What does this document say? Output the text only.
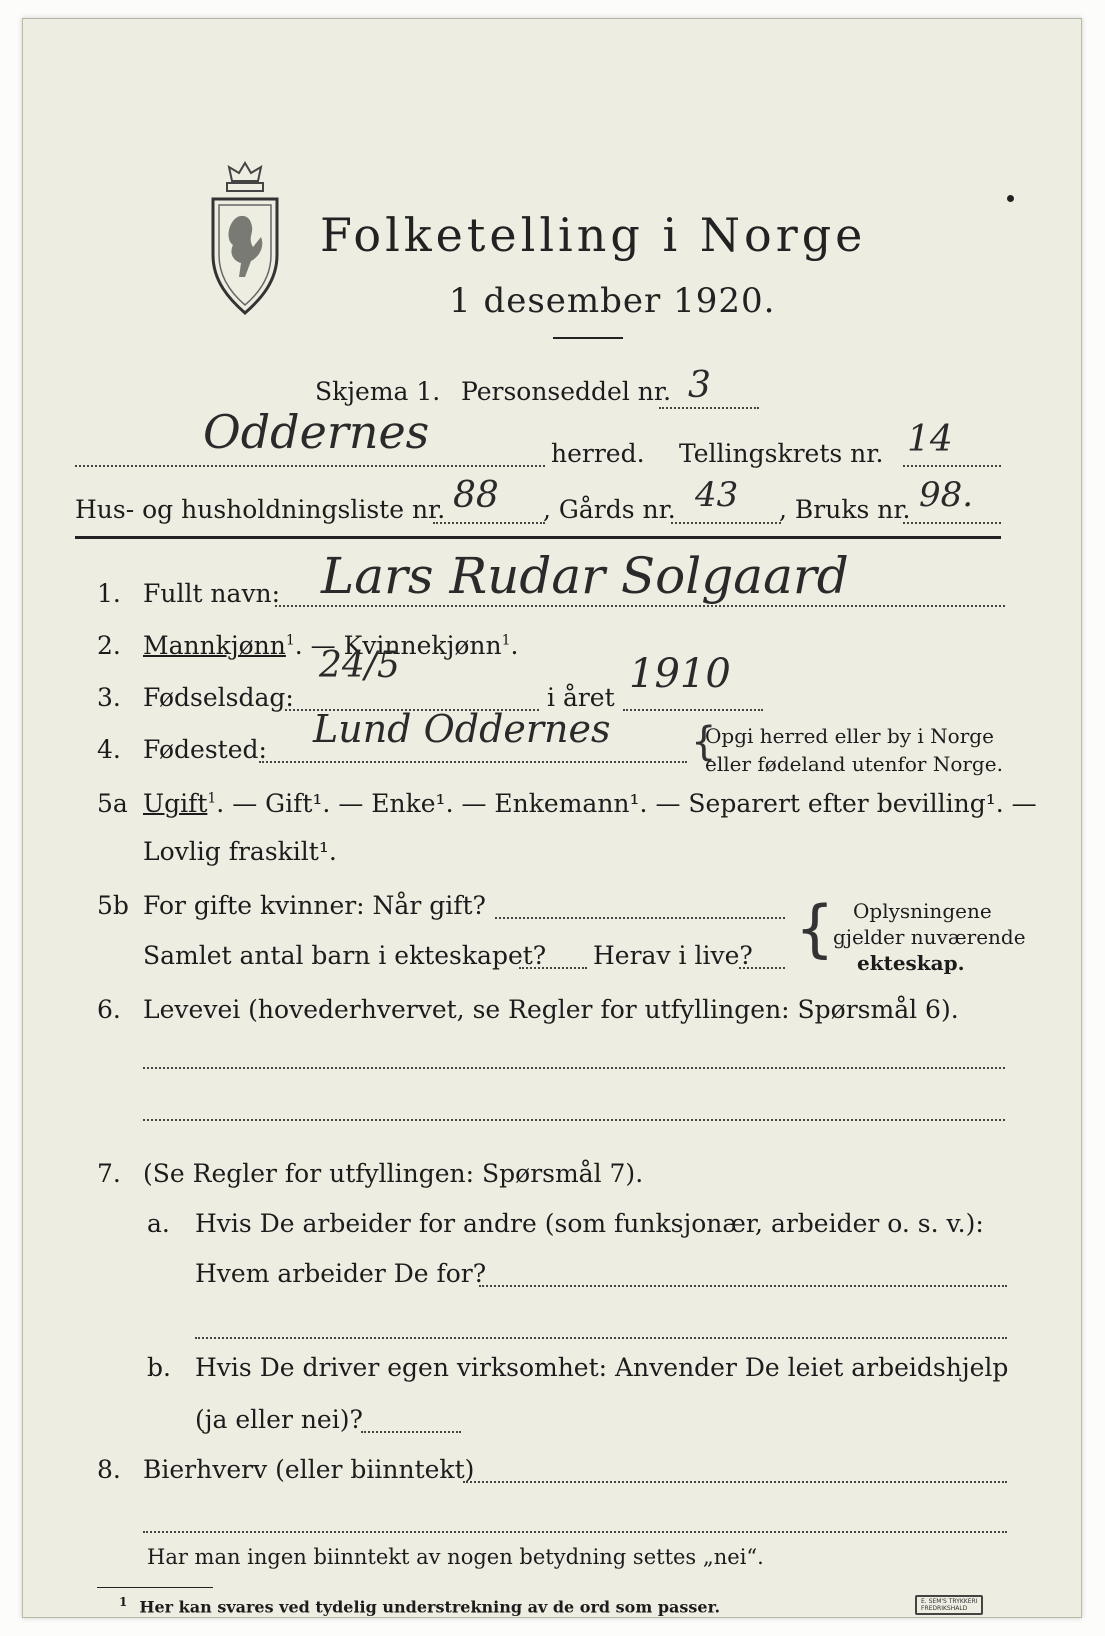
Folketelling i Norge
1 desember 1920.
Skjema 1. Personseddel nr. 3
Oddernes	herred. Tellingskrets nr. 14
Hus- og husholdningsliste nr. 88 , Gårds nr. 43 , Bruks nr. 98.
1. Fullt navn: Lars Rudar Solgaard
2. Mannkjønn$^1$. — Kvinnekjønn$^1$.
3. Fødselsdag:
24/5
i året
1910
4. Fødested: Lund Oddernes {
Opgi herred eller by i Norge
eller fødeland utenfor Norge.
5a Ugift$^1$. — Gift¹. — Enke¹. — Enkemann¹. — Separert efter bevilling¹. —
Lovlig fraskilt¹.
5b For gifte kvinner: Når gift?
Samlet antal barn i ekteskapet? Herav i live? { Oplysningene
gjelder nuværende
ekteskap.
6. Levevei (hovederhvervet, se Regler for utfyllingen: Spørsmål 6).
7. (Se Regler for utfyllingen: Spørsmål 7).
a. Hvis De arbeider for andre (som funksjonær, arbeider o. s. v.):
Hvem arbeider De for?
b. Hvis De driver egen virksomhet: Anvender De leiet arbeidshjelp
(ja eller nei)?
8. Bierhverv (eller biinntekt)
Har man ingen biinntekt av nogen betydning settes „nei“.
$^1$ Her kan svares ved tydelig understrekning av de ord som passer.	E. SEM'S TRYKKERI
FREDRIKSHALD
